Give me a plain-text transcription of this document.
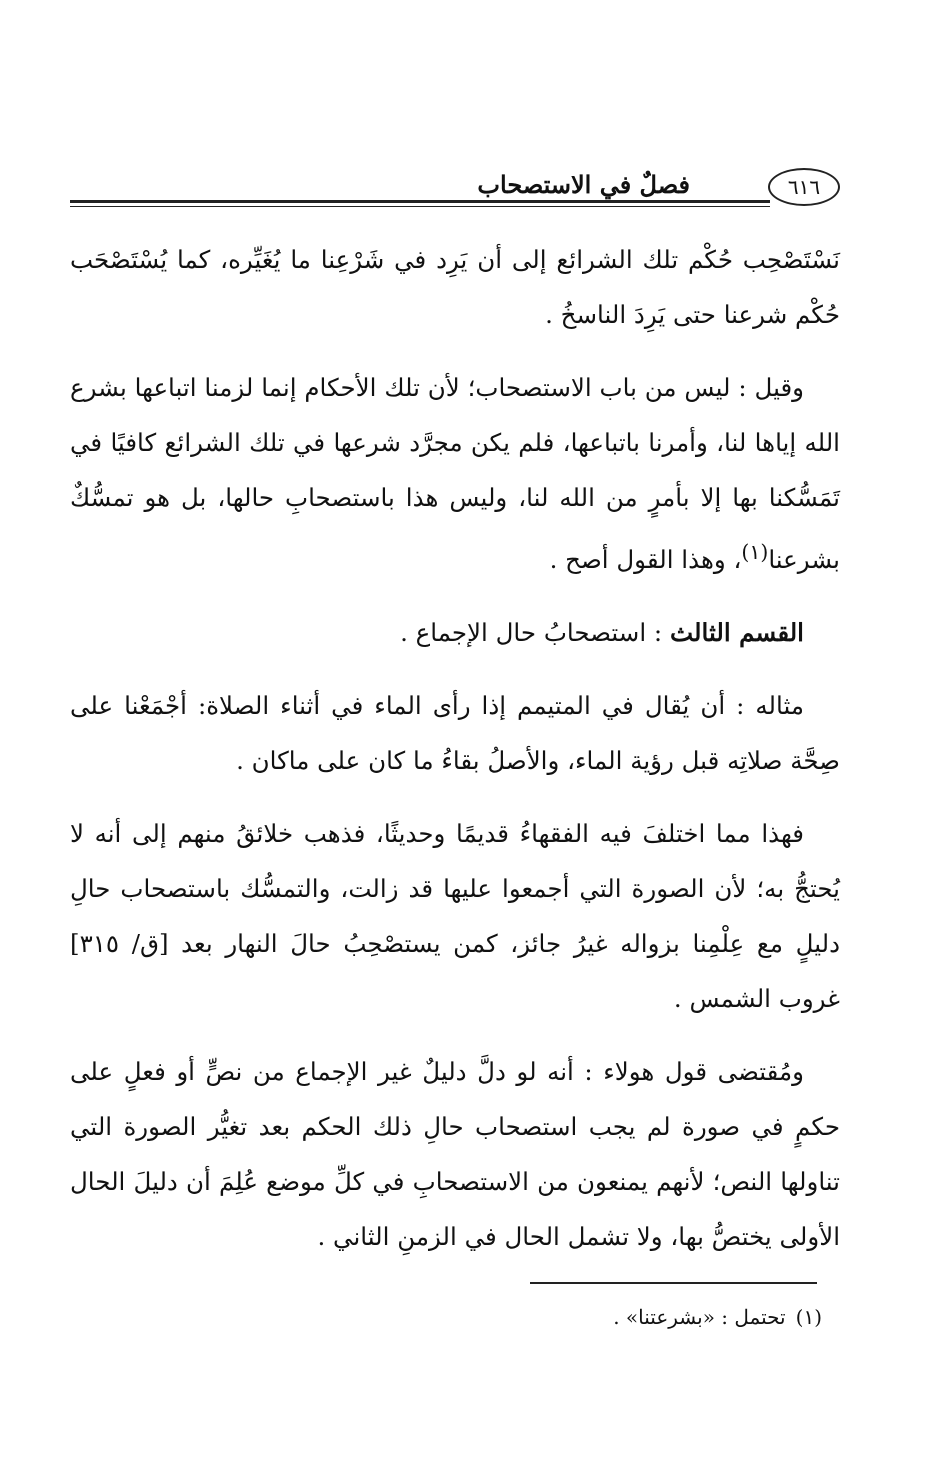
٦١٦
فصلٌ في الاستصحاب

نَسْتَصْحِب حُكْم تلك الشرائع إلى أن يَرِد في شَرْعِنا ما يُغَيِّره، كما يُسْتَصْحَب حُكْم شرعنا حتى يَرِدَ الناسخُ .

وقيل : ليس من باب الاستصحاب؛ لأن تلك الأحكام إنما لزمنا اتباعها بشرع الله إياها لنا، وأمرنا باتباعها، فلم يكن مجرَّد شرعها في تلك الشرائع كافيًا في تَمَسُّكنا بها إلا بأمرٍ من الله لنا، وليس هذا باستصحابِ حالها، بل هو تمسُّكٌ بشرعنا$^{(١)}$، وهذا القول أصح .

القسم الثالث : استصحابُ حال الإجماع .

مثاله : أن يُقال في المتيمم إذا رأى الماء في أثناء الصلاة: أجْمَعْنا على صِحَّة صلاتِه قبل رؤية الماء، والأصلُ بقاءُ ما كان على ماكان .

فهذا مما اختلفَ فيه الفقهاءُ قديمًا وحديثًا، فذهب خلائقُ منهم إلى أنه لا يُحتجُّ به؛ لأن الصورة التي أجمعوا عليها قد زالت، والتمسُّك باستصحاب حالِ دليلٍ مع عِلْمِنا بزواله غيرُ جائز، كمن يستصْحِبُ حالَ النهار بعد [ق/ ٣١٥] غروب الشمس .

ومُقتضى قول هولاء : أنه لو دلَّ دليلٌ غير الإجماع من نصٍّ أو فعلٍ على حكمٍ في صورة لم يجب استصحاب حالِ ذلك الحكم بعد تغيُّر الصورة التي تناولها النص؛ لأنهم يمنعون من الاستصحابِ في كلِّ موضع عُلِمَ أن دليلَ الحال الأولى يختصُّ بها، ولا تشمل الحال في الزمنِ الثاني .

(١)تحتمل : «بشرعتنا» .
